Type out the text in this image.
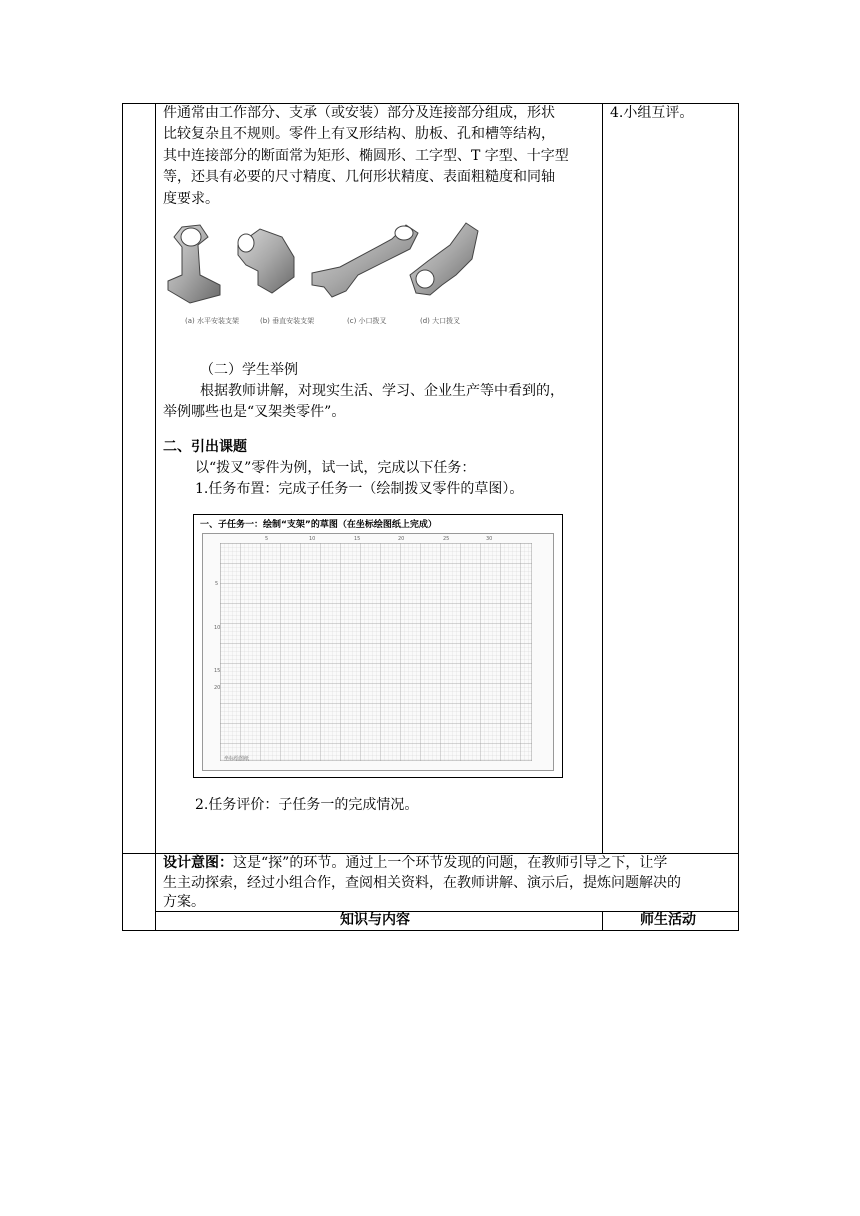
件通常由工作部分、支承（或安装）部分及连接部分组成，形状
比较复杂且不规则。零件上有叉形结构、肋板、孔和槽等结构，
其中连接部分的断面常为矩形、椭圆形、工字型、T 字型、十字型
等，还具有必要的尺寸精度、几何形状精度、表面粗糙度和同轴
度要求。
4.小组互评。
(a) 水平安装支架	(b) 垂直安装支架	(c) 小口拨叉	(d) 大口拨叉
（二）学生举例
根据教师讲解，对现实生活、学习、企业生产等中看到的，
举例哪些也是“叉架类零件”。
二、引出课题
以“拨叉”零件为例，试一试，完成以下任务：
1.任务布置：完成子任务一（绘制拨叉零件的草图）。
一、子任务一：绘制“支架”的草图（在坐标绘图纸上完成）
5	10	15	20	25	30
5
10
15
20
坐标绘图纸
2.任务评价：子任务一的完成情况。
设计意图：这是“探”的环节。通过上一个环节发现的问题，在教师引导之下，让学
生主动探索，经过小组合作，查阅相关资料，在教师讲解、演示后，提炼问题解决的
方案。
知识与内容	师生活动
